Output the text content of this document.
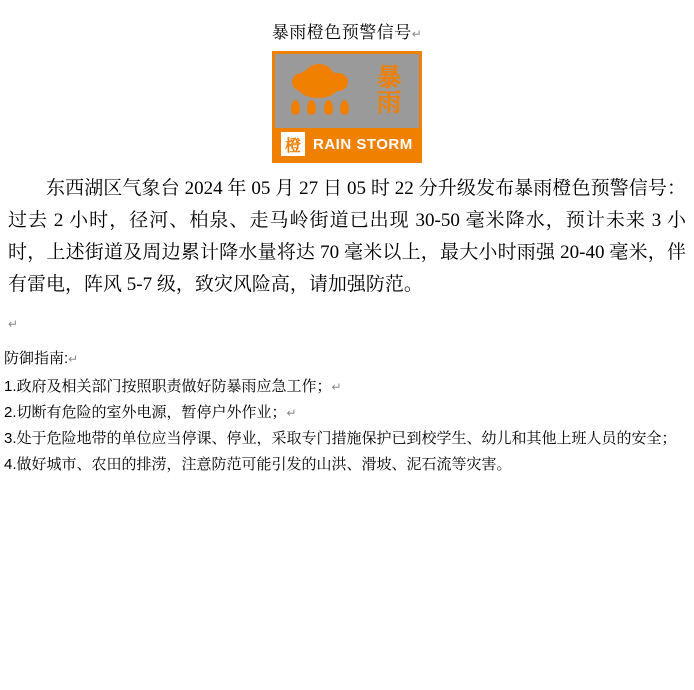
暴雨橙色预警信号↵
暴
雨
橙 RAIN STORM
东西湖区气象台 2024 年 05 月 27 日 05 时 22 分升级发布暴雨橙色预警信号：过去 2 小时，径河、柏泉、走马岭街道已出现 30-50 毫米降水，预计未来 3 小时，上述街道及周边累计降水量将达 70 毫米以上，最大小时雨强 20-40 毫米，伴有雷电，阵风 5-7 级，致灾风险高，请加强防范。
↵
防御指南:↵
1.政府及相关部门按照职责做好防暴雨应急工作；↵
2.切断有危险的室外电源，暂停户外作业；↵
3.处于危险地带的单位应当停课、停业，采取专门措施保护已到校学生、幼儿和其他上班人员的安全；
4.做好城市、农田的排涝，注意防范可能引发的山洪、滑坡、泥石流等灾害。
